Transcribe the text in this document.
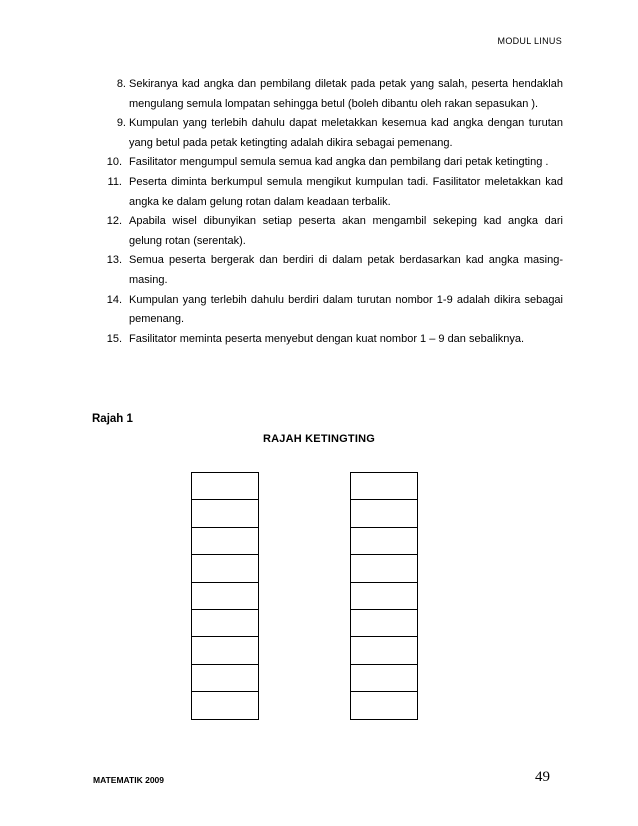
MODUL LINUS
8. Sekiranya kad angka dan pembilang diletak pada petak yang salah, peserta hendaklah mengulang semula lompatan sehingga betul (boleh dibantu oleh rakan sepasukan ).
9. Kumpulan yang terlebih dahulu dapat meletakkan kesemua kad angka dengan turutan yang betul pada petak ketingting adalah dikira sebagai pemenang.
10. Fasilitator mengumpul semula semua kad angka dan pembilang dari petak ketingting .
11. Peserta diminta berkumpul semula mengikut kumpulan tadi. Fasilitator meletakkan kad angka ke dalam gelung rotan dalam keadaan terbalik.
12. Apabila wisel dibunyikan setiap peserta akan mengambil sekeping kad angka dari gelung rotan (serentak).
13. Semua peserta bergerak dan berdiri di dalam petak berdasarkan kad angka masing-masing.
14. Kumpulan yang terlebih dahulu berdiri dalam turutan nombor 1-9 adalah dikira sebagai pemenang.
15. Fasilitator meminta peserta menyebut dengan kuat nombor 1 – 9 dan sebaliknya.
Rajah 1
RAJAH KETINGTING
MATEMATIK 2009	49
